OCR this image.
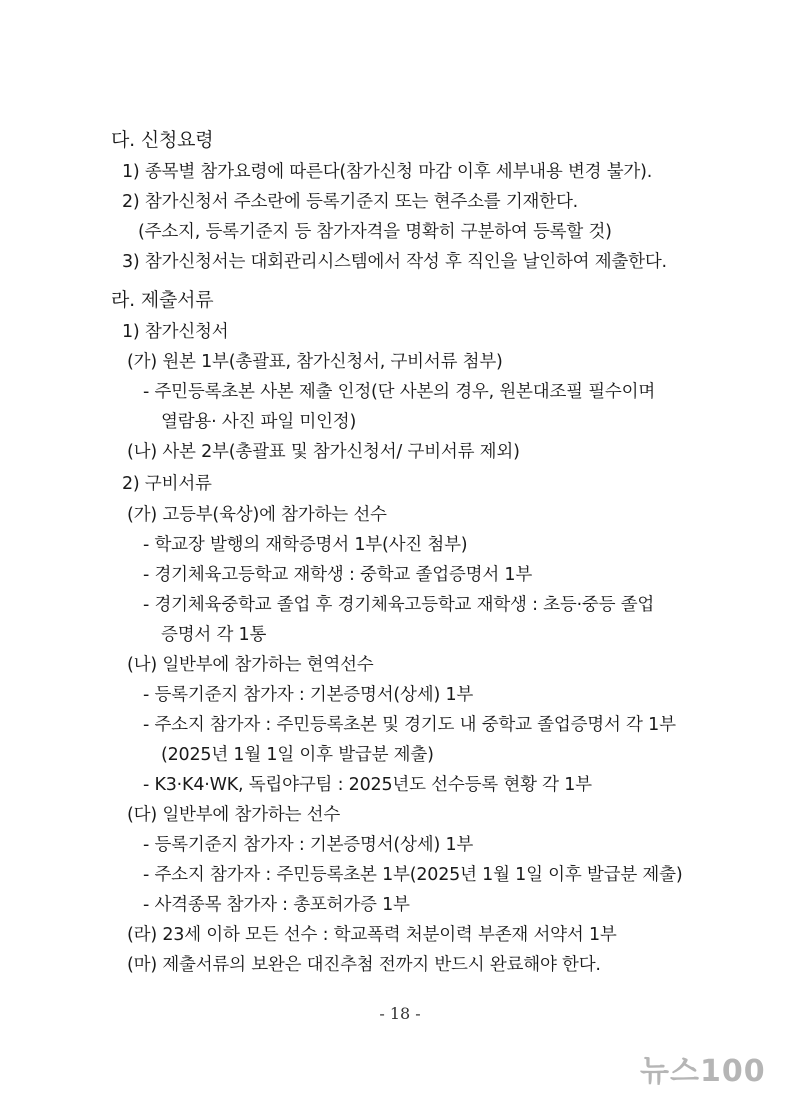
다. 신청요령
1) 종목별 참가요령에 따른다(참가신청 마감 이후 세부내용 변경 불가).
2) 참가신청서 주소란에 등록기준지 또는 현주소를 기재한다.
(주소지, 등록기준지 등 참가자격을 명확히 구분하여 등록할 것)
3) 참가신청서는 대회관리시스템에서 작성 후 직인을 날인하여 제출한다.
라. 제출서류
1) 참가신청서
(가) 원본 1부(총괄표, 참가신청서, 구비서류 첨부)
- 주민등록초본 사본 제출 인정(단 사본의 경우, 원본대조필 필수이며
열람용· 사진 파일 미인정)
(나) 사본 2부(총괄표 및 참가신청서/ 구비서류 제외)
2) 구비서류
(가) 고등부(육상)에 참가하는 선수
- 학교장 발행의 재학증명서 1부(사진 첨부)
- 경기체육고등학교 재학생 : 중학교 졸업증명서 1부
- 경기체육중학교 졸업 후 경기체육고등학교 재학생 : 초등·중등 졸업
증명서 각 1통
(나) 일반부에 참가하는 현역선수
- 등록기준지 참가자 : 기본증명서(상세) 1부
- 주소지 참가자 : 주민등록초본 및 경기도 내 중학교 졸업증명서 각 1부
(2025년 1월 1일 이후 발급분 제출)
- K3·K4·WK, 독립야구팀 : 2025년도 선수등록 현황 각 1부
(다) 일반부에 참가하는 선수
- 등록기준지 참가자 : 기본증명서(상세) 1부
- 주소지 참가자 : 주민등록초본 1부(2025년 1월 1일 이후 발급분 제출)
- 사격종목 참가자 : 총포허가증 1부
(라) 23세 이하 모든 선수 : 학교폭력 처분이력 부존재 서약서 1부
(마) 제출서류의 보완은 대진추첨 전까지 반드시 완료해야 한다.
- 18 -
뉴스100
